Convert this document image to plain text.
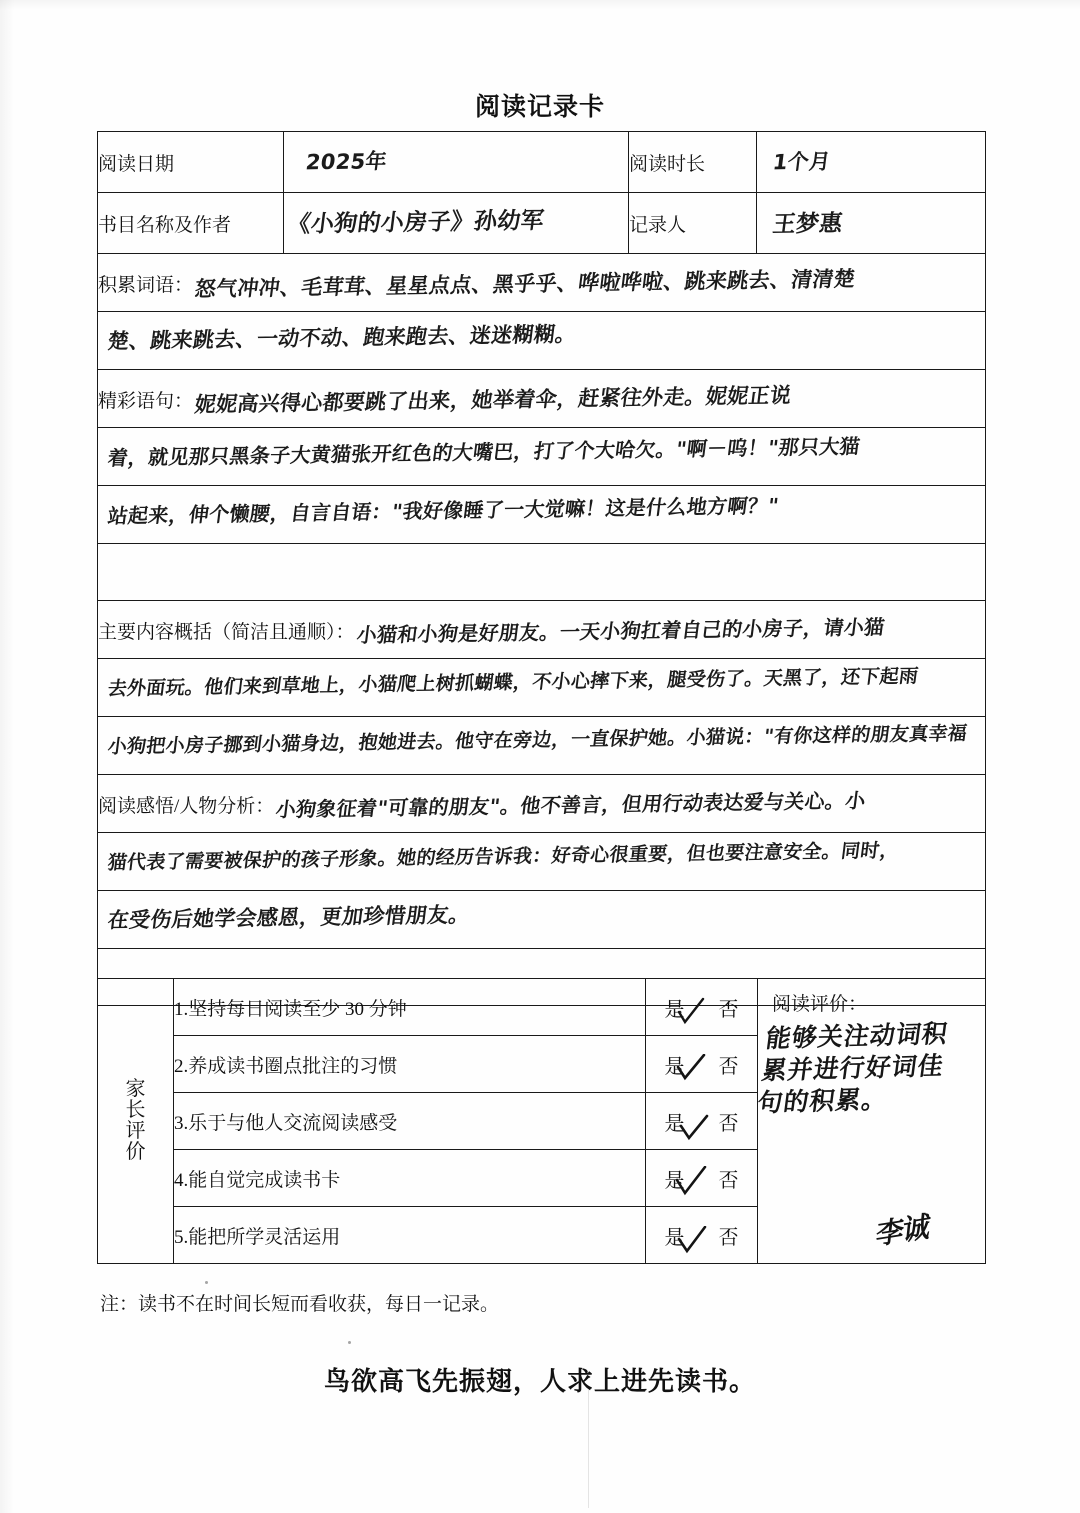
阅读记录卡
阅读日期	2025年	阅读时长	1个月

书目名称及作者	《小狗的小房子》孙幼军	记录人	王梦惠

积累词语：怒气冲冲、毛茸茸、星星点点、黑乎乎、哗啦哗啦、跳来跳去、清清楚			

楚、跳来跳去、一动不动、跑来跑去、迷迷糊糊。			

精彩语句：妮妮高兴得心都要跳了出来，她举着伞，赶紧往外走。妮妮正说			

着，就见那只黑条子大黄猫张开红色的大嘴巴，打了个大哈欠。"啊－呜！"那只大猫			

站起来，伸个懒腰，自言自语："我好像睡了一大觉嘛！这是什么地方啊？"			

主要内容概括（简洁且通顺）：小猫和小狗是好朋友。一天小狗扛着自己的小房子，请小猫			

去外面玩。他们来到草地上，小猫爬上树抓蝴蝶，不小心摔下来，腿受伤了。天黑了，还下起雨			

小狗把小房子挪到小猫身边，抱她进去。他守在旁边，一直保护她。小猫说："有你这样的朋友真幸福			

阅读感悟/人物分析：小狗象征着"可靠的朋友"。他不善言，但用行动表达爱与关心。小			

猫代表了需要被保护的孩子形象。她的经历告诉我：好奇心很重要，但也要注意安全。同时，			

在受伤后她学会感恩，更加珍惜朋友。			

家
长
评
价	1.坚持每日阅读至少 30 分钟	是 否	阅读评价：
能够关注动词积累并进行好词佳句的积累。
李诚

	2.养成读书圈点批注的习惯	是 否	

	3.乐于与他人交流阅读感受	是 否	

	4.能自觉完成读书卡	是 否	

	5.能把所学灵活运用	是 否	
注：读书不在时间长短而看收获，每日一记录。
鸟欲高飞先振翅，人求上进先读书。
